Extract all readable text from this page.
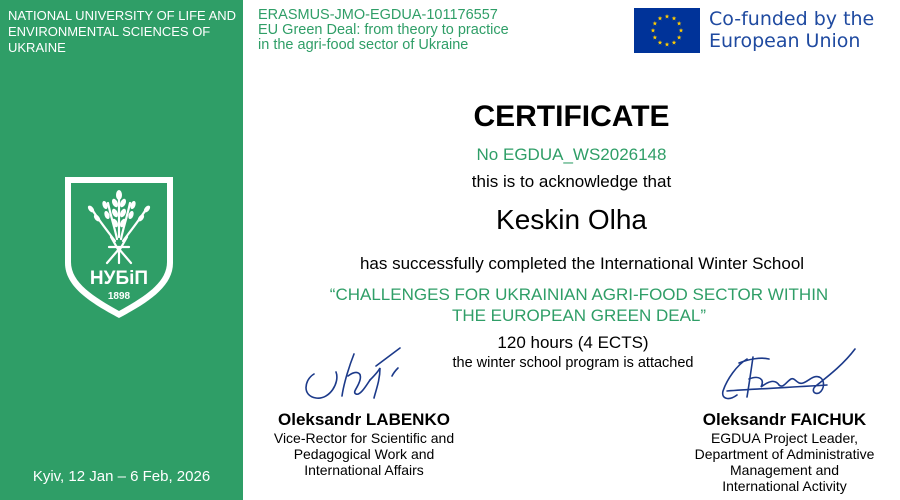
NATIONAL UNIVERSITY OF LIFE AND ENVIRONMENTAL SCIENCES OF UKRAINE
НУБіП
1898
Kyiv, 12 Jan – 6 Feb, 2026
ERASMUS-JMO-EGDUA-101176557
EU Green Deal: from theory to practice
in the agri-food sector of Ukraine
Co-funded by the
European Union
CERTIFICATE
No EGDUA_WS2026148
this is to acknowledge that
Keskin Olha
has successfully completed the International Winter School
“CHALLENGES FOR UKRAINIAN AGRI-FOOD SECTOR WITHIN
THE EUROPEAN GREEN DEAL”
120 hours (4 ECTS)
the winter school program is attached
Oleksandr LABENKO
Vice-Rector for Scientific and
Pedagogical Work and
International Affairs
Oleksandr FAICHUK
EGDUA Project Leader,
Department of Administrative
Management and
International Activity
